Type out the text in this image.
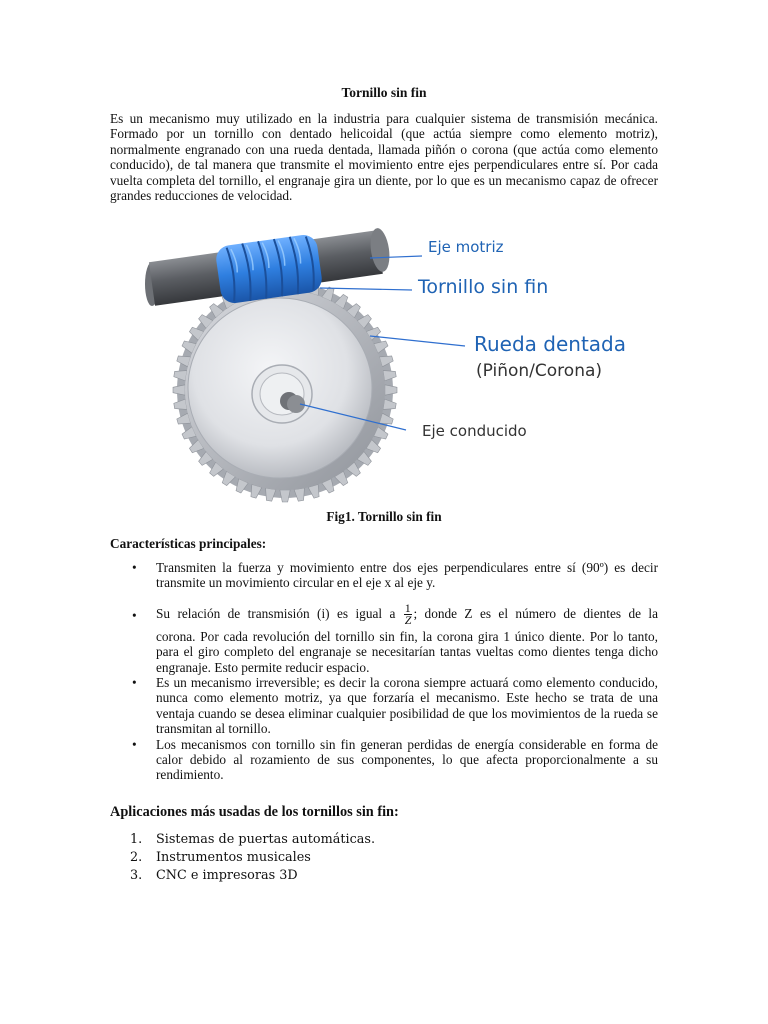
Tornillo sin fin

Es un mecanismo muy utilizado en la industria para cualquier sistema de transmisión mecánica. Formado por un tornillo con dentado helicoidal (que actúa siempre como elemento motriz), normalmente engranado con una rueda dentada, llamada piñón o corona (que actúa como elemento conducido), de tal manera que transmite el movimiento entre ejes perpendiculares entre sí. Por cada vuelta completa del tornillo, el engranaje gira un diente, por lo que es un mecanismo capaz de ofrecer grandes reducciones de velocidad.

Eje motriz
Tornillo sin fin
Rueda dentada
(Piñon/Corona)
Eje conducido
Fig1. Tornillo sin fin
Características principales:
• Transmiten la fuerza y movimiento entre dos ejes perpendiculares entre sí (90º) es decir transmite un movimiento circular en el eje x al eje y.
• Su relación de transmisión (i) es igual a $\frac{1}{Z}$ ; donde Z es el número de dientes de la
corona. Por cada revolución del tornillo sin fin, la corona gira 1 único diente. Por lo tanto, para el giro completo del engranaje se necesitarían tantas vueltas como dientes tenga dicho engranaje. Esto permite reducir espacio.
• Es un mecanismo irreversible; es decir la corona siempre actuará como elemento conducido, nunca como elemento motriz, ya que forzaría el mecanismo. Este hecho se trata de una ventaja cuando se desea eliminar cualquier posibilidad de que los movimientos de la rueda se transmitan al tornillo.
• Los mecanismos con tornillo sin fin generan perdidas de energía considerable en forma de calor debido al rozamiento de sus componentes, lo que afecta proporcionalmente a su rendimiento.
Aplicaciones más usadas de los tornillos sin fin:
1. Sistemas de puertas automáticas.
2. Instrumentos musicales
3. CNC e impresoras 3D
